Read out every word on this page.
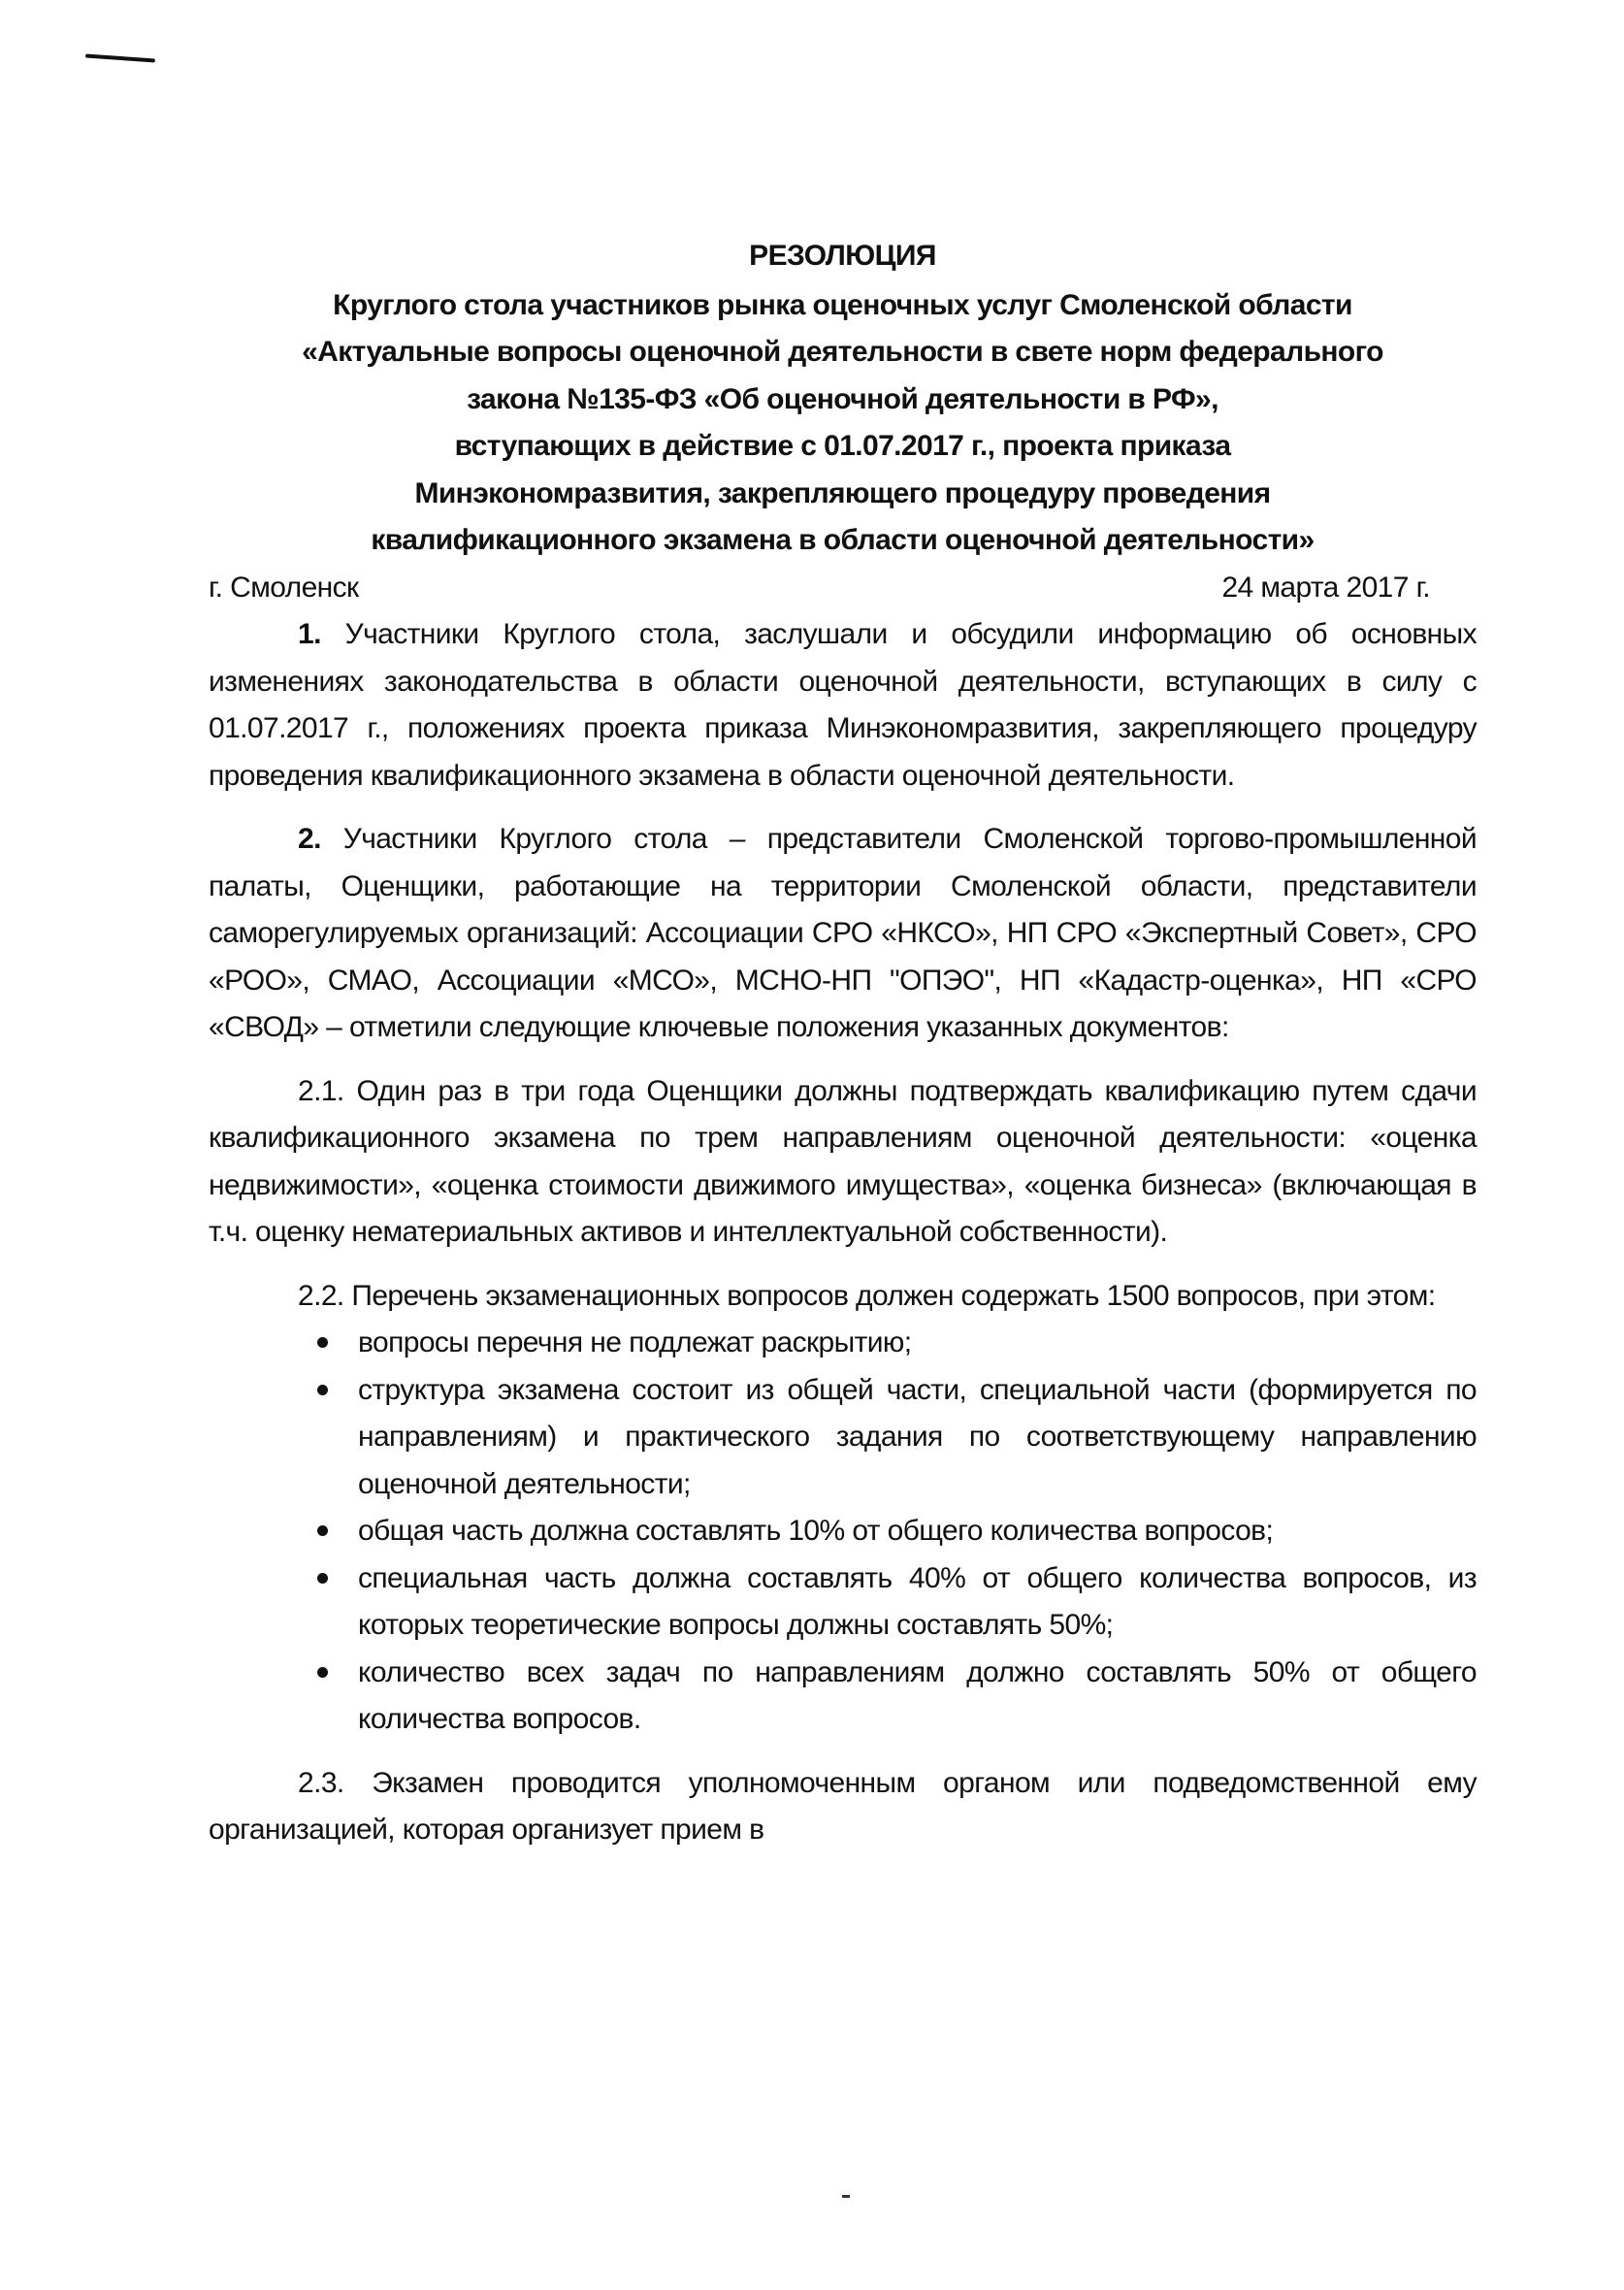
РЕЗОЛЮЦИЯ
Круглого стола участников рынка оценочных услуг Смоленской области
«Актуальные вопросы оценочной деятельности в свете норм федерального
закона №135-ФЗ «Об оценочной деятельности в РФ»,
вступающих в действие с 01.07.2017 г., проекта приказа
Минэкономразвития, закрепляющего процедуру проведения
квалификационного экзамена в области оценочной деятельности»
г. Смоленск	24 марта 2017 г.

1. Участники Круглого стола, заслушали и обсудили информацию об основных изменениях законодательства в области оценочной деятельности, вступающих в силу с 01.07.2017 г., положениях проекта приказа Минэкономразвития, закрепляющего процедуру проведения квалификационного экзамена в области оценочной деятельности.

2. Участники Круглого стола – представители Смоленской торгово-промышленной палаты, Оценщики, работающие на территории Смоленской области, представители саморегулируемых организаций: Ассоциации СРО «НКСО», НП СРО «Экспертный Совет», СРО «РОО», СМАО, Ассоциации «МСО», МСНО-НП "ОПЭО", НП «Кадастр-оценка», НП «СРО «СВОД» – отметили следующие ключевые положения указанных документов:

2.1. Один раз в три года Оценщики должны подтверждать квалификацию путем сдачи квалификационного экзамена по трем направлениям оценочной деятельности: «оценка недвижимости», «оценка стоимости движимого имущества», «оценка бизнеса» (включающая в т.ч. оценку нематериальных активов и интеллектуальной собственности).

2.2. Перечень экзаменационных вопросов должен содержать 1500 вопросов, при этом:

вопросы перечня не подлежат раскрытию;
структура экзамена состоит из общей части, специальной части (формируется по направлениям) и практического задания по соответствующему направлению оценочной деятельности;
общая часть должна составлять 10% от общего количества вопросов;
специальная часть должна составлять 40% от общего количества вопросов, из которых теоретические вопросы должны составлять 50%;
количество всех задач по направлениям должно составлять 50% от общего количества вопросов.

2.3. Экзамен проводится уполномоченным органом или подведомственной ему организацией, которая организует прием в
